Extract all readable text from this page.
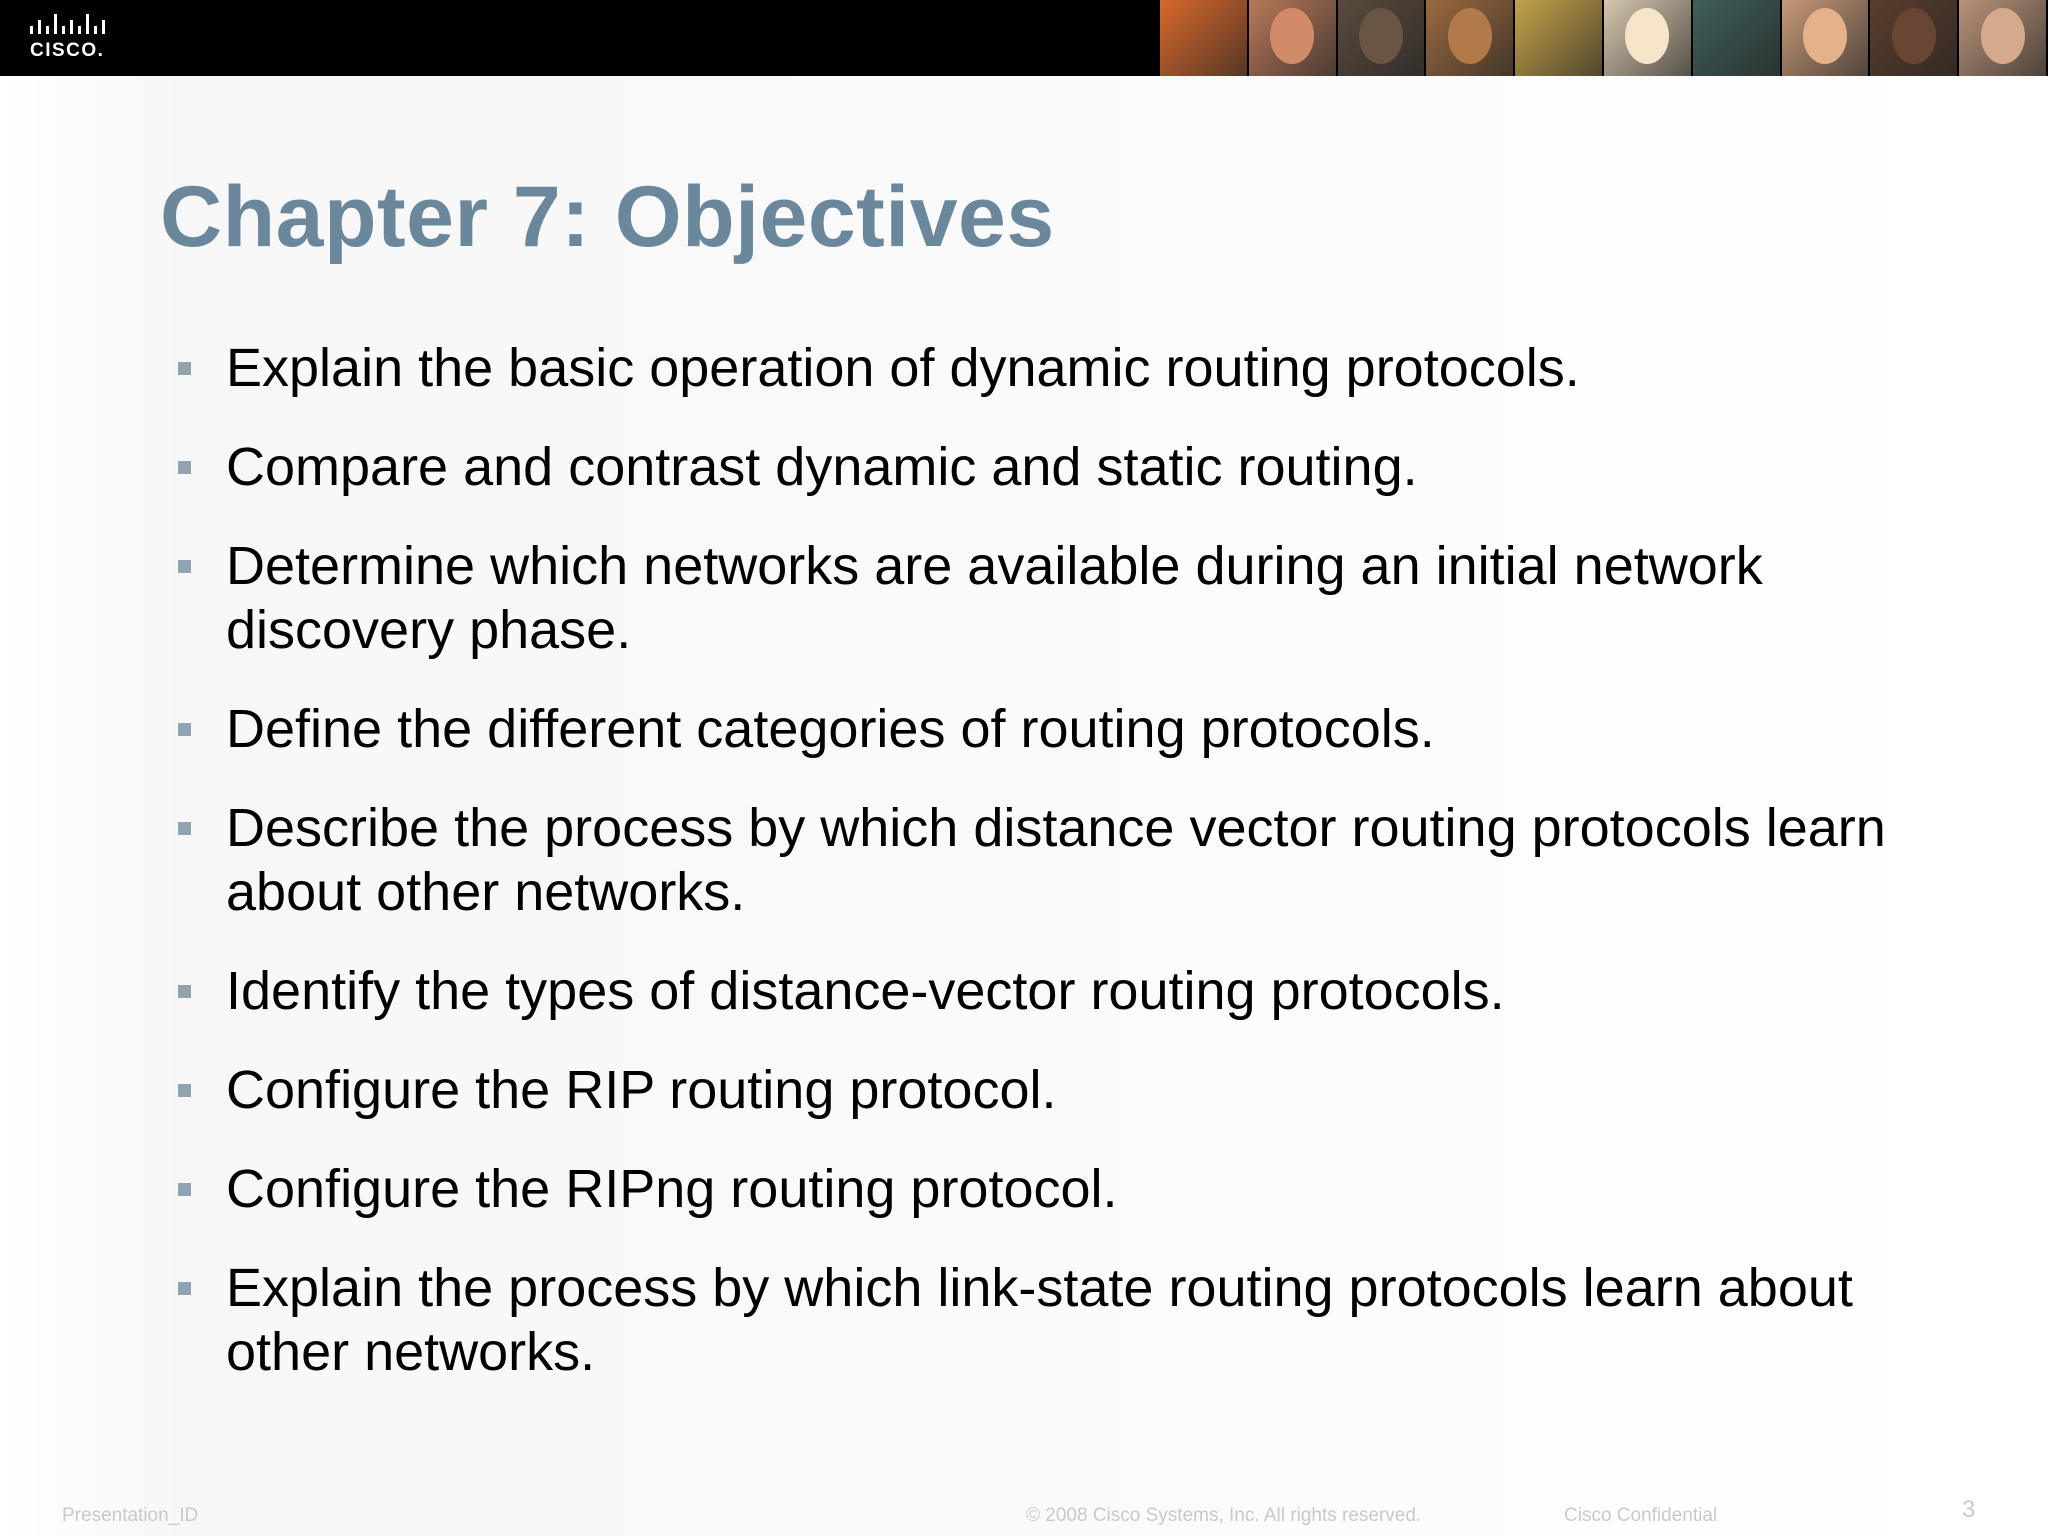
CISCO.
Chapter 7: Objectives
Explain the basic operation of dynamic routing protocols.
Compare and contrast dynamic and static routing.
Determine which networks are available during an initial network discovery phase.
Define the different categories of routing protocols.
Describe the process by which distance vector routing protocols learn about other networks.
Identify the types of distance-vector routing protocols.
Configure the RIP routing protocol.
Configure the RIPng routing protocol.
Explain the process by which link-state routing protocols learn about other networks.
Presentation_ID	© 2008 Cisco Systems, Inc. All rights reserved.	Cisco Confidential	3
